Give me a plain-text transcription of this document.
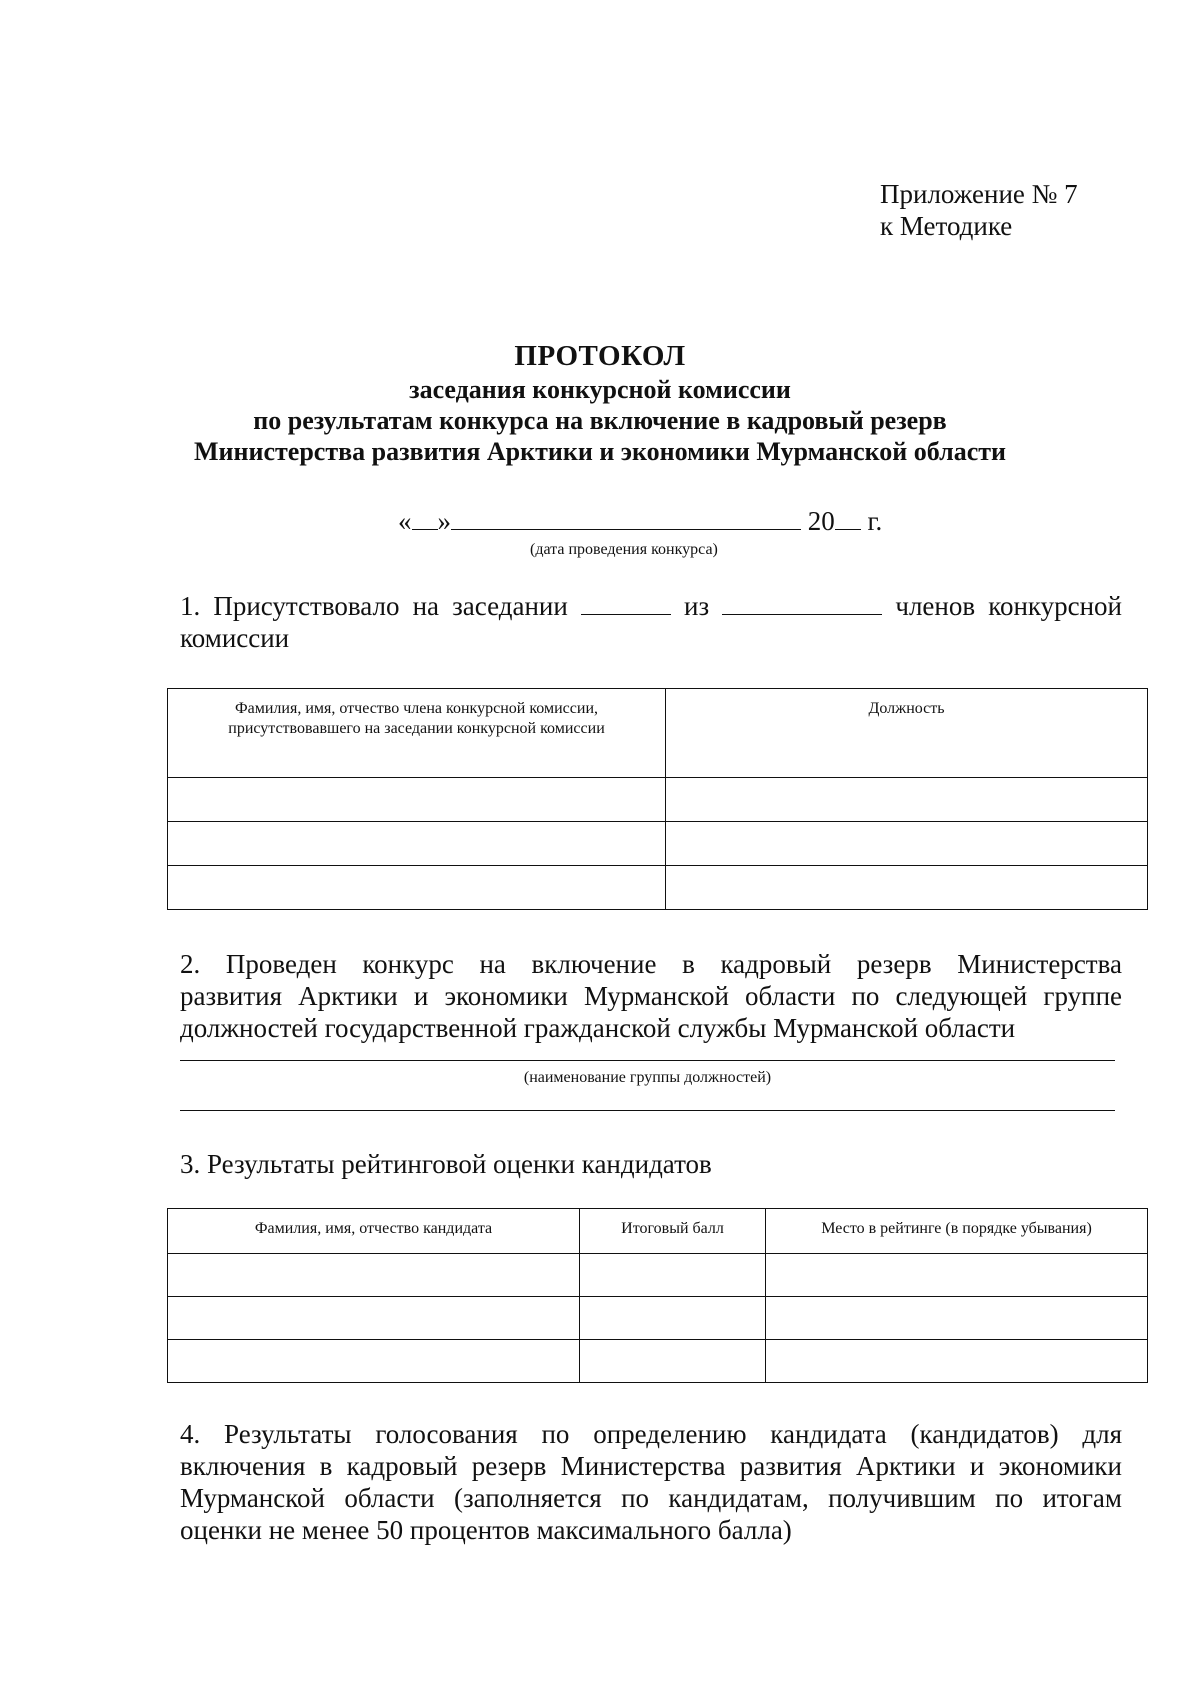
Приложение № 7
к Методике
ПРОТОКОЛ
заседания конкурсной комиссии
по результатам конкурса на включение в кадровый резерв
Министерства развития Арктики и экономики Мурманской области
« »	20 г.
(дата проведения конкурса)
1. Присутствовало на заседании	из	членов конкурсной
комиссии
Фамилия, имя, отчество члена конкурсной комиссии, присутствовавшего на заседании конкурсной комиссии	Должность

2. Проведен конкурс на включение в кадровый резерв Министерства
развития Арктики и экономики Мурманской области по следующей группе
должностей государственной гражданской службы Мурманской области
(наименование группы должностей)
3. Результаты рейтинговой оценки кандидатов
Фамилия, имя, отчество кандидата	Итоговый балл	Место в рейтинге (в порядке убывания)

4. Результаты голосования по определению кандидата (кандидатов) для
включения в кадровый резерв Министерства развития Арктики и экономики
Мурманской области (заполняется по кандидатам, получившим по итогам
оценки не менее 50 процентов максимального балла)
